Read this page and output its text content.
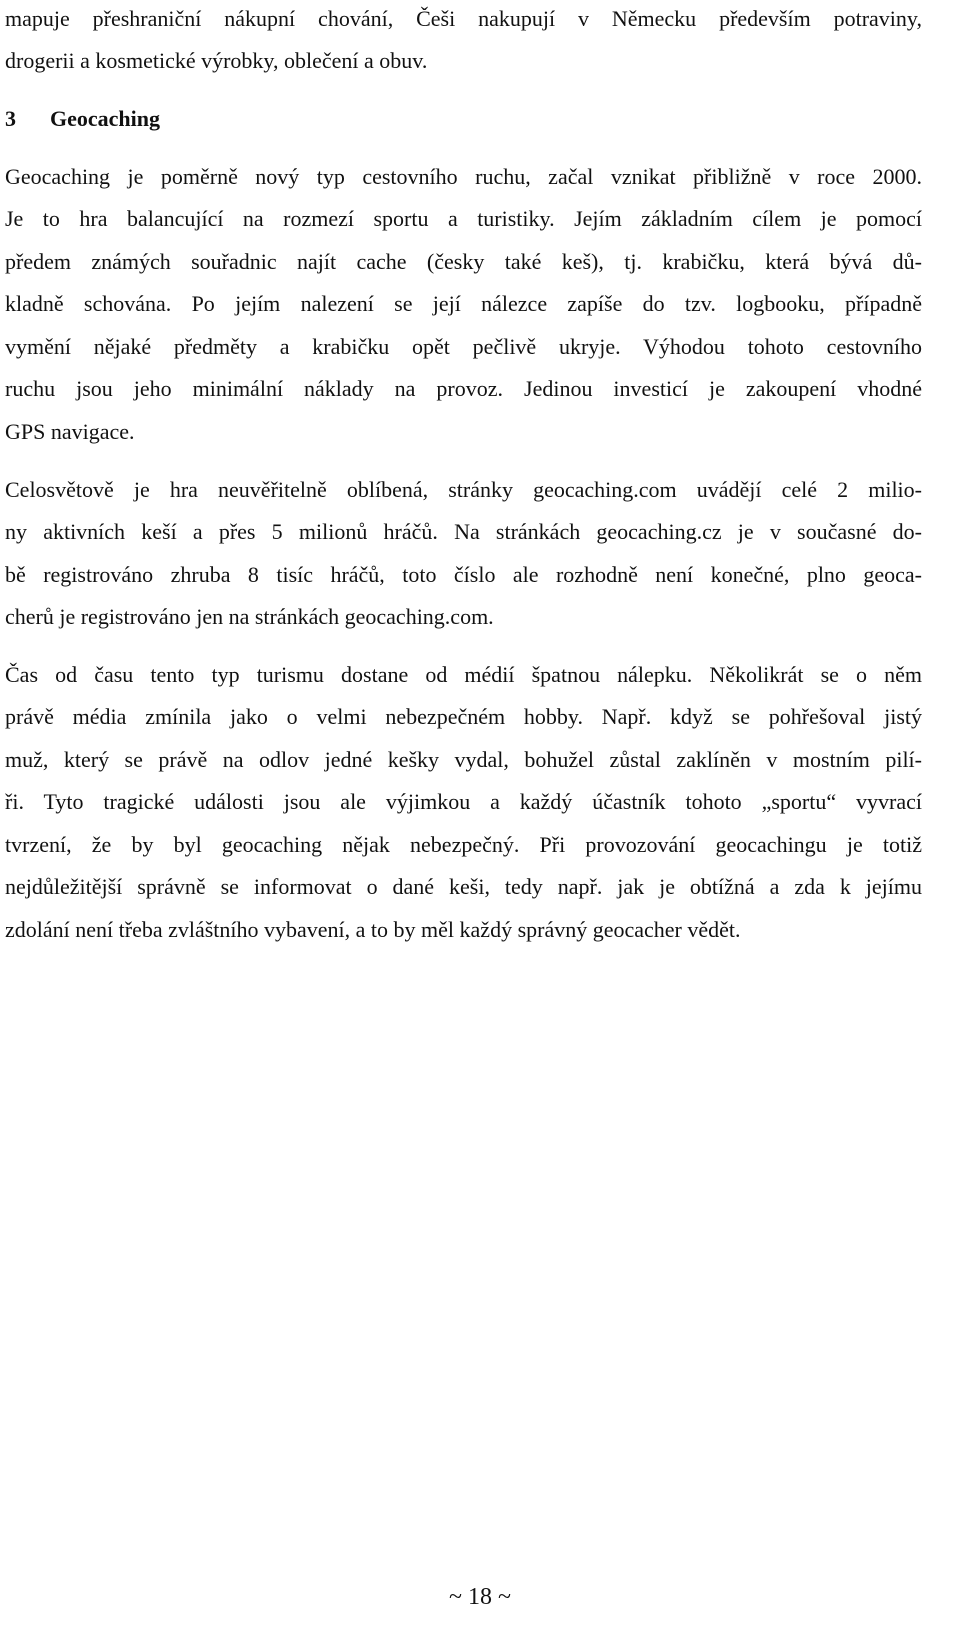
mapuje přeshraniční nákupní chování, Češi nakupují v Německu především potraviny,
drogerii a kosmetické výrobky, oblečení a obuv.
3 Geocaching
Geocaching je poměrně nový typ cestovního ruchu, začal vznikat přibližně v roce 2000.
Je to hra balancující na rozmezí sportu a turistiky. Jejím základním cílem je pomocí
předem známých souřadnic najít cache (česky také keš), tj. krabičku, která bývá dů-
kladně schována. Po jejím nalezení se její nálezce zapíše do tzv. logbooku, případně
vymění nějaké předměty a krabičku opět pečlivě ukryje. Výhodou tohoto cestovního
ruchu jsou jeho minimální náklady na provoz. Jedinou investicí je zakoupení vhodné
GPS navigace.
Celosvětově je hra neuvěřitelně oblíbená, stránky geocaching.com uvádějí celé 2 milio-
ny aktivních keší a přes 5 milionů hráčů. Na stránkách geocaching.cz je v současné do-
bě registrováno zhruba 8 tisíc hráčů, toto číslo ale rozhodně není konečné, plno geoca-
cherů je registrováno jen na stránkách geocaching.com.
Čas od času tento typ turismu dostane od médií špatnou nálepku. Několikrát se o něm
právě média zmínila jako o velmi nebezpečném hobby. Např. když se pohřešoval jistý
muž, který se právě na odlov jedné kešky vydal, bohužel zůstal zaklíněn v mostním pilí-
ři. Tyto tragické události jsou ale výjimkou a každý účastník tohoto „sportu“ vyvrací
tvrzení, že by byl geocaching nějak nebezpečný. Při provozování geocachingu je totiž
nejdůležitější správně se informovat o dané keši, tedy např. jak je obtížná a zda k jejímu
zdolání není třeba zvláštního vybavení, a to by měl každý správný geocacher vědět.
~ 18 ~
